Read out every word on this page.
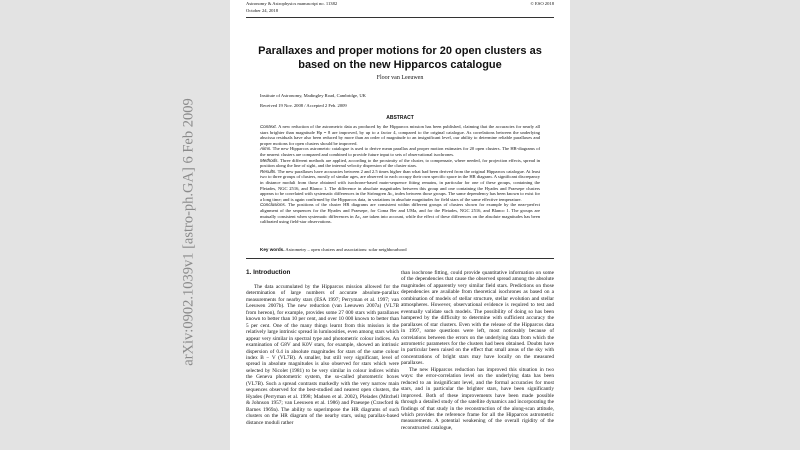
arXiv:0902.1039v1 [astro-ph.GA] 6 Feb 2009
Astronomy & Astrophysics manuscript no. 11382
October 24, 2018
© ESO 2018
Parallaxes and proper motions for 20 open clusters as based on the new Hipparcos catalogue
Floor van Leeuwen
Institute of Astronomy, Madingley Road, Cambridge, UK
Received 19 Nov. 2008 / Accepted 2 Feb. 2009
ABSTRACT

Context. A new reduction of the astrometric data as produced by the Hipparcos mission has been published, claiming that the accuracies for nearly all stars brighter than magnitude Hp = 8 are improved, by up to a factor 4, compared to the original catalogue. As correlations between the underlying abscissa residuals have also been reduced by more than an order of magnitude to an insignificant level, our ability to determine reliable parallaxes and proper motions for open clusters should be improved.

Aims. The new Hipparcos astrometric catalogue is used to derive mean parallax and proper motion estimates for 20 open clusters. The HR-diagrams of the nearest clusters are compared and combined to provide future input to sets of observational isochrones.

Methods. Three different methods are applied, according to the proximity of the cluster, to compensate, where needed, for projection effects, spread in position along the line of sight, and the internal velocity dispersion of the cluster stars.

Results. The new parallaxes have accuracies between 2 and 2.5 times higher than what had been derived from the original Hipparcos catalogue. At least two to three groups of clusters, mostly of similar ages, are observed to each occupy their own specific space in the HR diagram. A significant discrepancy in distance moduli from those obtained with isochrone-based main-sequence fitting remains, in particular for one of these groups, containing the Pleiades, NGC 2516, and Blanco 1. The difference in absolute magnitudes between this group and one containing the Hyades and Praesepe clusters appears to be correlated with systematic differences in the Strömgren Δc₁ index between those groups. The same dependency has been known to exist for a long time; and is again confirmed by the Hipparcos data, in variations in absolute magnitudes for field stars of the same effective temperature.

Conclusions. The positions of the cluster HR diagrams are consistent within different groups of clusters shown for example by the near-perfect alignment of the sequences for the Hyades and Praesepe, for Coma Ber and UMa, and for the Pleiades, NGC 2516, and Blanco 1. The groups are mutually consistent when systematic differences in Δc₁ are taken into account, while the effect of these differences on the absolute magnitudes has been calibrated using field-star observations.

Key words. Astrometry – open clusters and associations: solar neighbourhood
1. Introduction

The data accumulated by the Hipparcos mission allowed for the determination of large numbers of accurate absolute-parallax measurements for nearby stars (ESA 1997; Perryman et al. 1997; van Leeuwen 2007b). The new reduction (van Leeuwen 2007a) (VL7B from hereon), for example, provides some 27 000 stars with parallaxes known to better than 10 per cent, and over 10 000 known to better than 5 per cent. One of the many things learnt from this mission is the relatively large intrinsic spread in luminosities, even among stars which appear very similar in spectral type and photometric colour indices. An examination of G8V and K0V stars, for example, showed an intrinsic dispersion of 0.4 in absolute magnitudes for stars of the same colour index B − V (VL7B). A smaller, but still very significant, level of spread in absolute magnitudes is also observed for stars which were selected by Nicolet (1981) to be very similar in colour indices within the Geneva photometric system, the so-called photometric boxes (VL7B). Such a spread contrasts markedly with the very narrow main sequences observed for the best-studied and nearest open clusters, the Hyades (Perryman et al. 1998; Madsen et al. 2002), Pleiades (Mitchell & Johnson 1957; van Leeuwen et al. 1986) and Praesepe (Crawford & Barnes 1969a). The ability to superimpose the HR diagrams of such clusters on the HR diagram of the nearby stars, using parallax-based distance moduli rather

than isochrone fitting, could provide quantitative information on some of the dependencies that cause the observed spread among the absolute magnitudes of apparently very similar field stars. Predictions on those dependencies are available from theoretical isochrones as based on a combination of models of stellar structure, stellar evolution and stellar atmospheres. However, observational evidence is required to test and eventually validate such models. The possibility of doing so has been hampered by the difficulty to determine with sufficient accuracy the parallaxes of star clusters. Even with the release of the Hipparcos data in 1997, some questions were left, most noticeably because of correlations between the errors on the underlying data from which the astrometric parameters for the clusters had been obtained. Doubts have in particular been raised on the effect that small areas of the sky with concentrations of bright stars may have locally on the measured parallaxes.

The new Hipparcos reduction has improved this situation in two ways: the error-correlation level on the underlying data has been reduced to an insignificant level, and the formal accuracies for most stars, and in particular the brighter stars, have been significantly improved. Both of these improvements have been made possible through a detailed study of the satellite dynamics and incorporating the findings of that study in the reconstruction of the along-scan attitude, which provides the reference frame for all the Hipparcos astrometric measurements. A potential weakening of the overall rigidity of the reconstructed catalogue,
